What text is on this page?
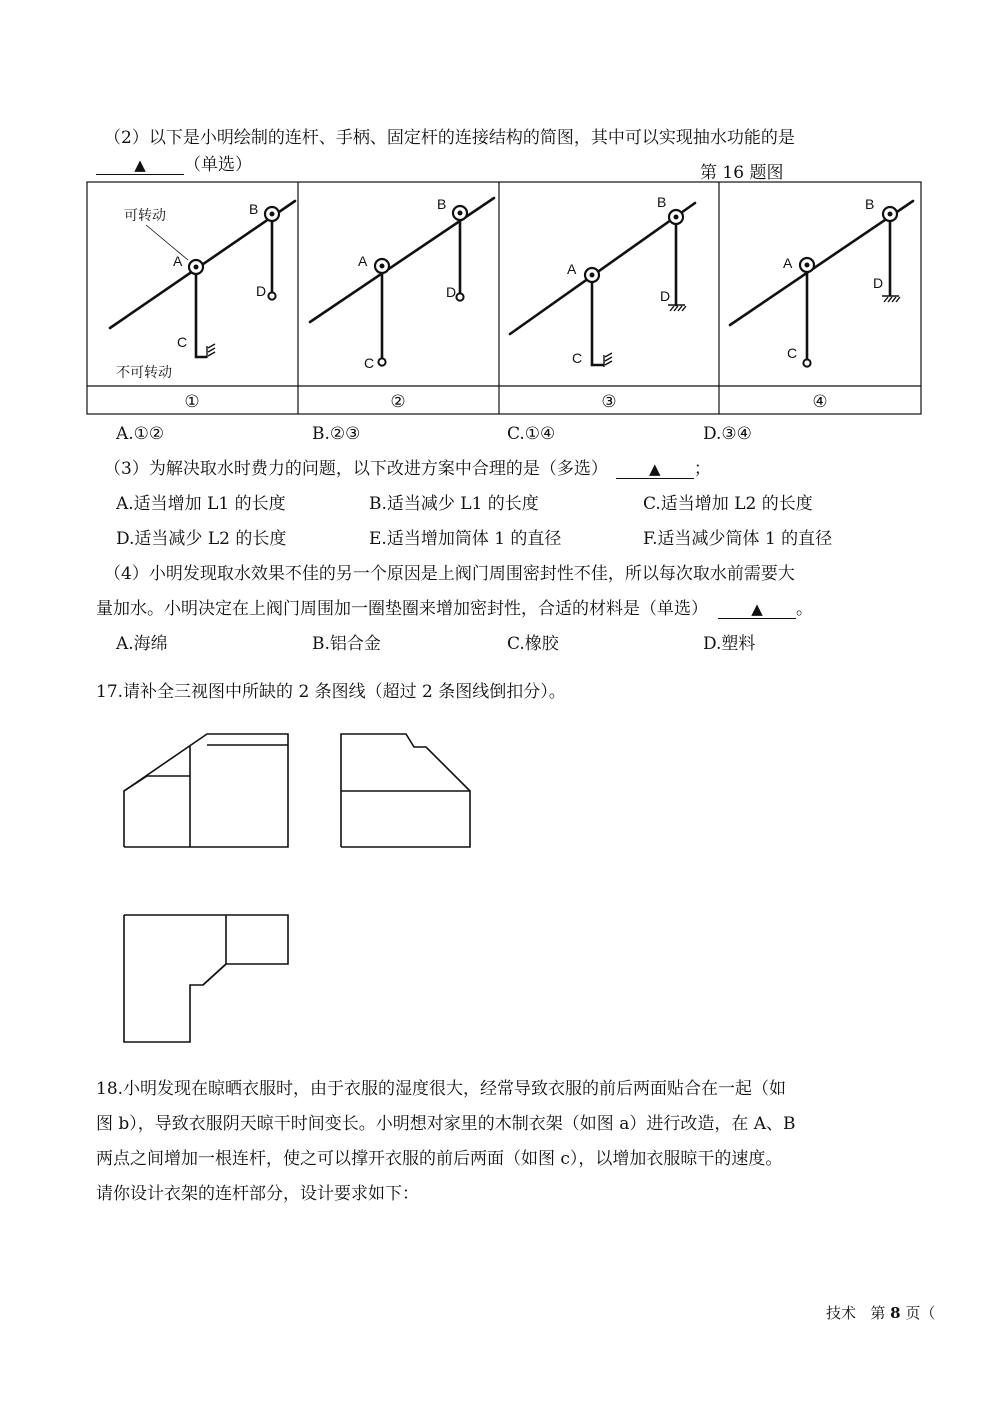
（2）以下是小明绘制的连杆、手柄、固定杆的连接结构的简图，其中可以实现抽水功能的是
▲ （单选）	第 16 题图
A
B
C
D
A
B
C
D
A
B
C
D
A
B
C
D
可转动
不可转动
①	②	③	④
A.①②	B.②③	C.①④	D.③④
（3）为解决取水时费力的问题，以下改进方案中合理的是（多选）	▲ ；
A.适当增加 L1 的长度	B.适当减少 L1 的长度	C.适当增加 L2 的长度
D.适当减少 L2 的长度	E.适当增加筒体 1 的直径	F.适当减少筒体 1 的直径
（4）小明发现取水效果不佳的另一个原因是上阀门周围密封性不佳，所以每次取水前需要大
量加水。小明决定在上阀门周围加一圈垫圈来增加密封性，合适的材料是（单选）	▲ 。
A.海绵	B.铝合金	C.橡胶	D.塑料
17.请补全三视图中所缺的 2 条图线（超过 2 条图线倒扣分）。
18.小明发现在晾晒衣服时，由于衣服的湿度很大，经常导致衣服的前后两面贴合在一起（如
图 b），导致衣服阴天晾干时间变长。小明想对家里的木制衣架（如图 a）进行改造，在 A、B
两点之间增加一根连杆，使之可以撑开衣服的前后两面（如图 c），以增加衣服晾干的速度。
请你设计衣架的连杆部分，设计要求如下：
技术 第 8 页（
